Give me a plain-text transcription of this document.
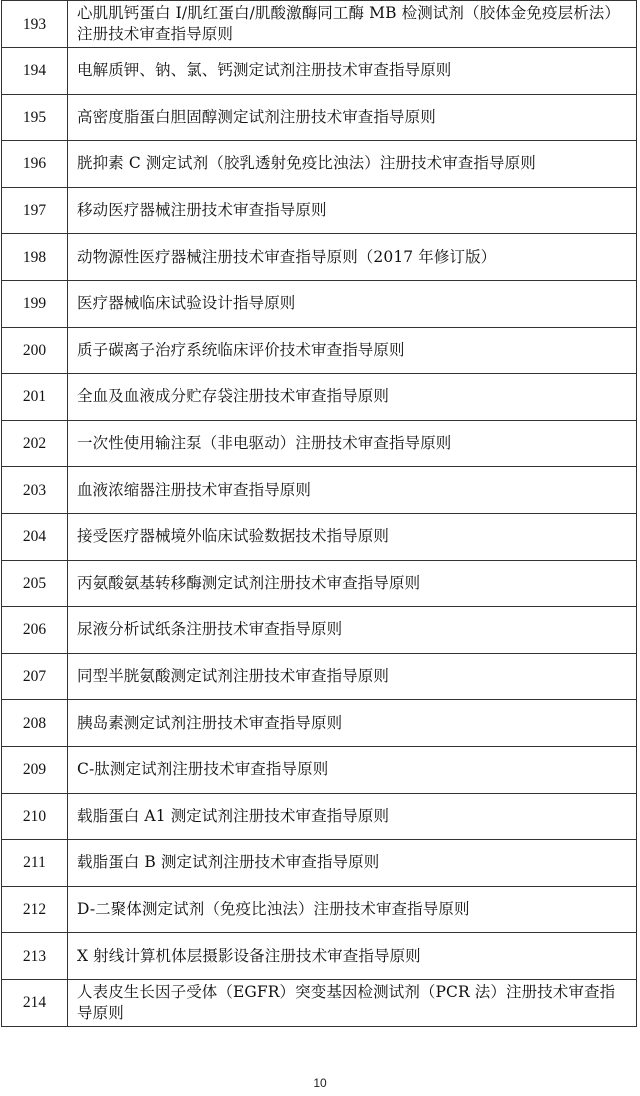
193	心肌肌钙蛋白 I/肌红蛋白/肌酸激酶同工酶 MB 检测试剂（胶体金免疫层析法）注册技术审查指导原则
194	电解质钾、钠、氯、钙测定试剂注册技术审查指导原则
195	高密度脂蛋白胆固醇测定试剂注册技术审查指导原则
196	胱抑素 C 测定试剂（胶乳透射免疫比浊法）注册技术审查指导原则
197	移动医疗器械注册技术审查指导原则
198	动物源性医疗器械注册技术审查指导原则（2017 年修订版）
199	医疗器械临床试验设计指导原则
200	质子碳离子治疗系统临床评价技术审查指导原则
201	全血及血液成分贮存袋注册技术审查指导原则
202	一次性使用输注泵（非电驱动）注册技术审查指导原则
203	血液浓缩器注册技术审查指导原则
204	接受医疗器械境外临床试验数据技术指导原则
205	丙氨酸氨基转移酶测定试剂注册技术审查指导原则
206	尿液分析试纸条注册技术审查指导原则
207	同型半胱氨酸测定试剂注册技术审查指导原则
208	胰岛素测定试剂注册技术审查指导原则
209	C-肽测定试剂注册技术审查指导原则
210	载脂蛋白 A1 测定试剂注册技术审查指导原则
211	载脂蛋白 B 测定试剂注册技术审查指导原则
212	D-二聚体测定试剂（免疫比浊法）注册技术审查指导原则
213	X 射线计算机体层摄影设备注册技术审查指导原则
214	人表皮生长因子受体（EGFR）突变基因检测试剂（PCR 法）注册技术审查指导原则
10
